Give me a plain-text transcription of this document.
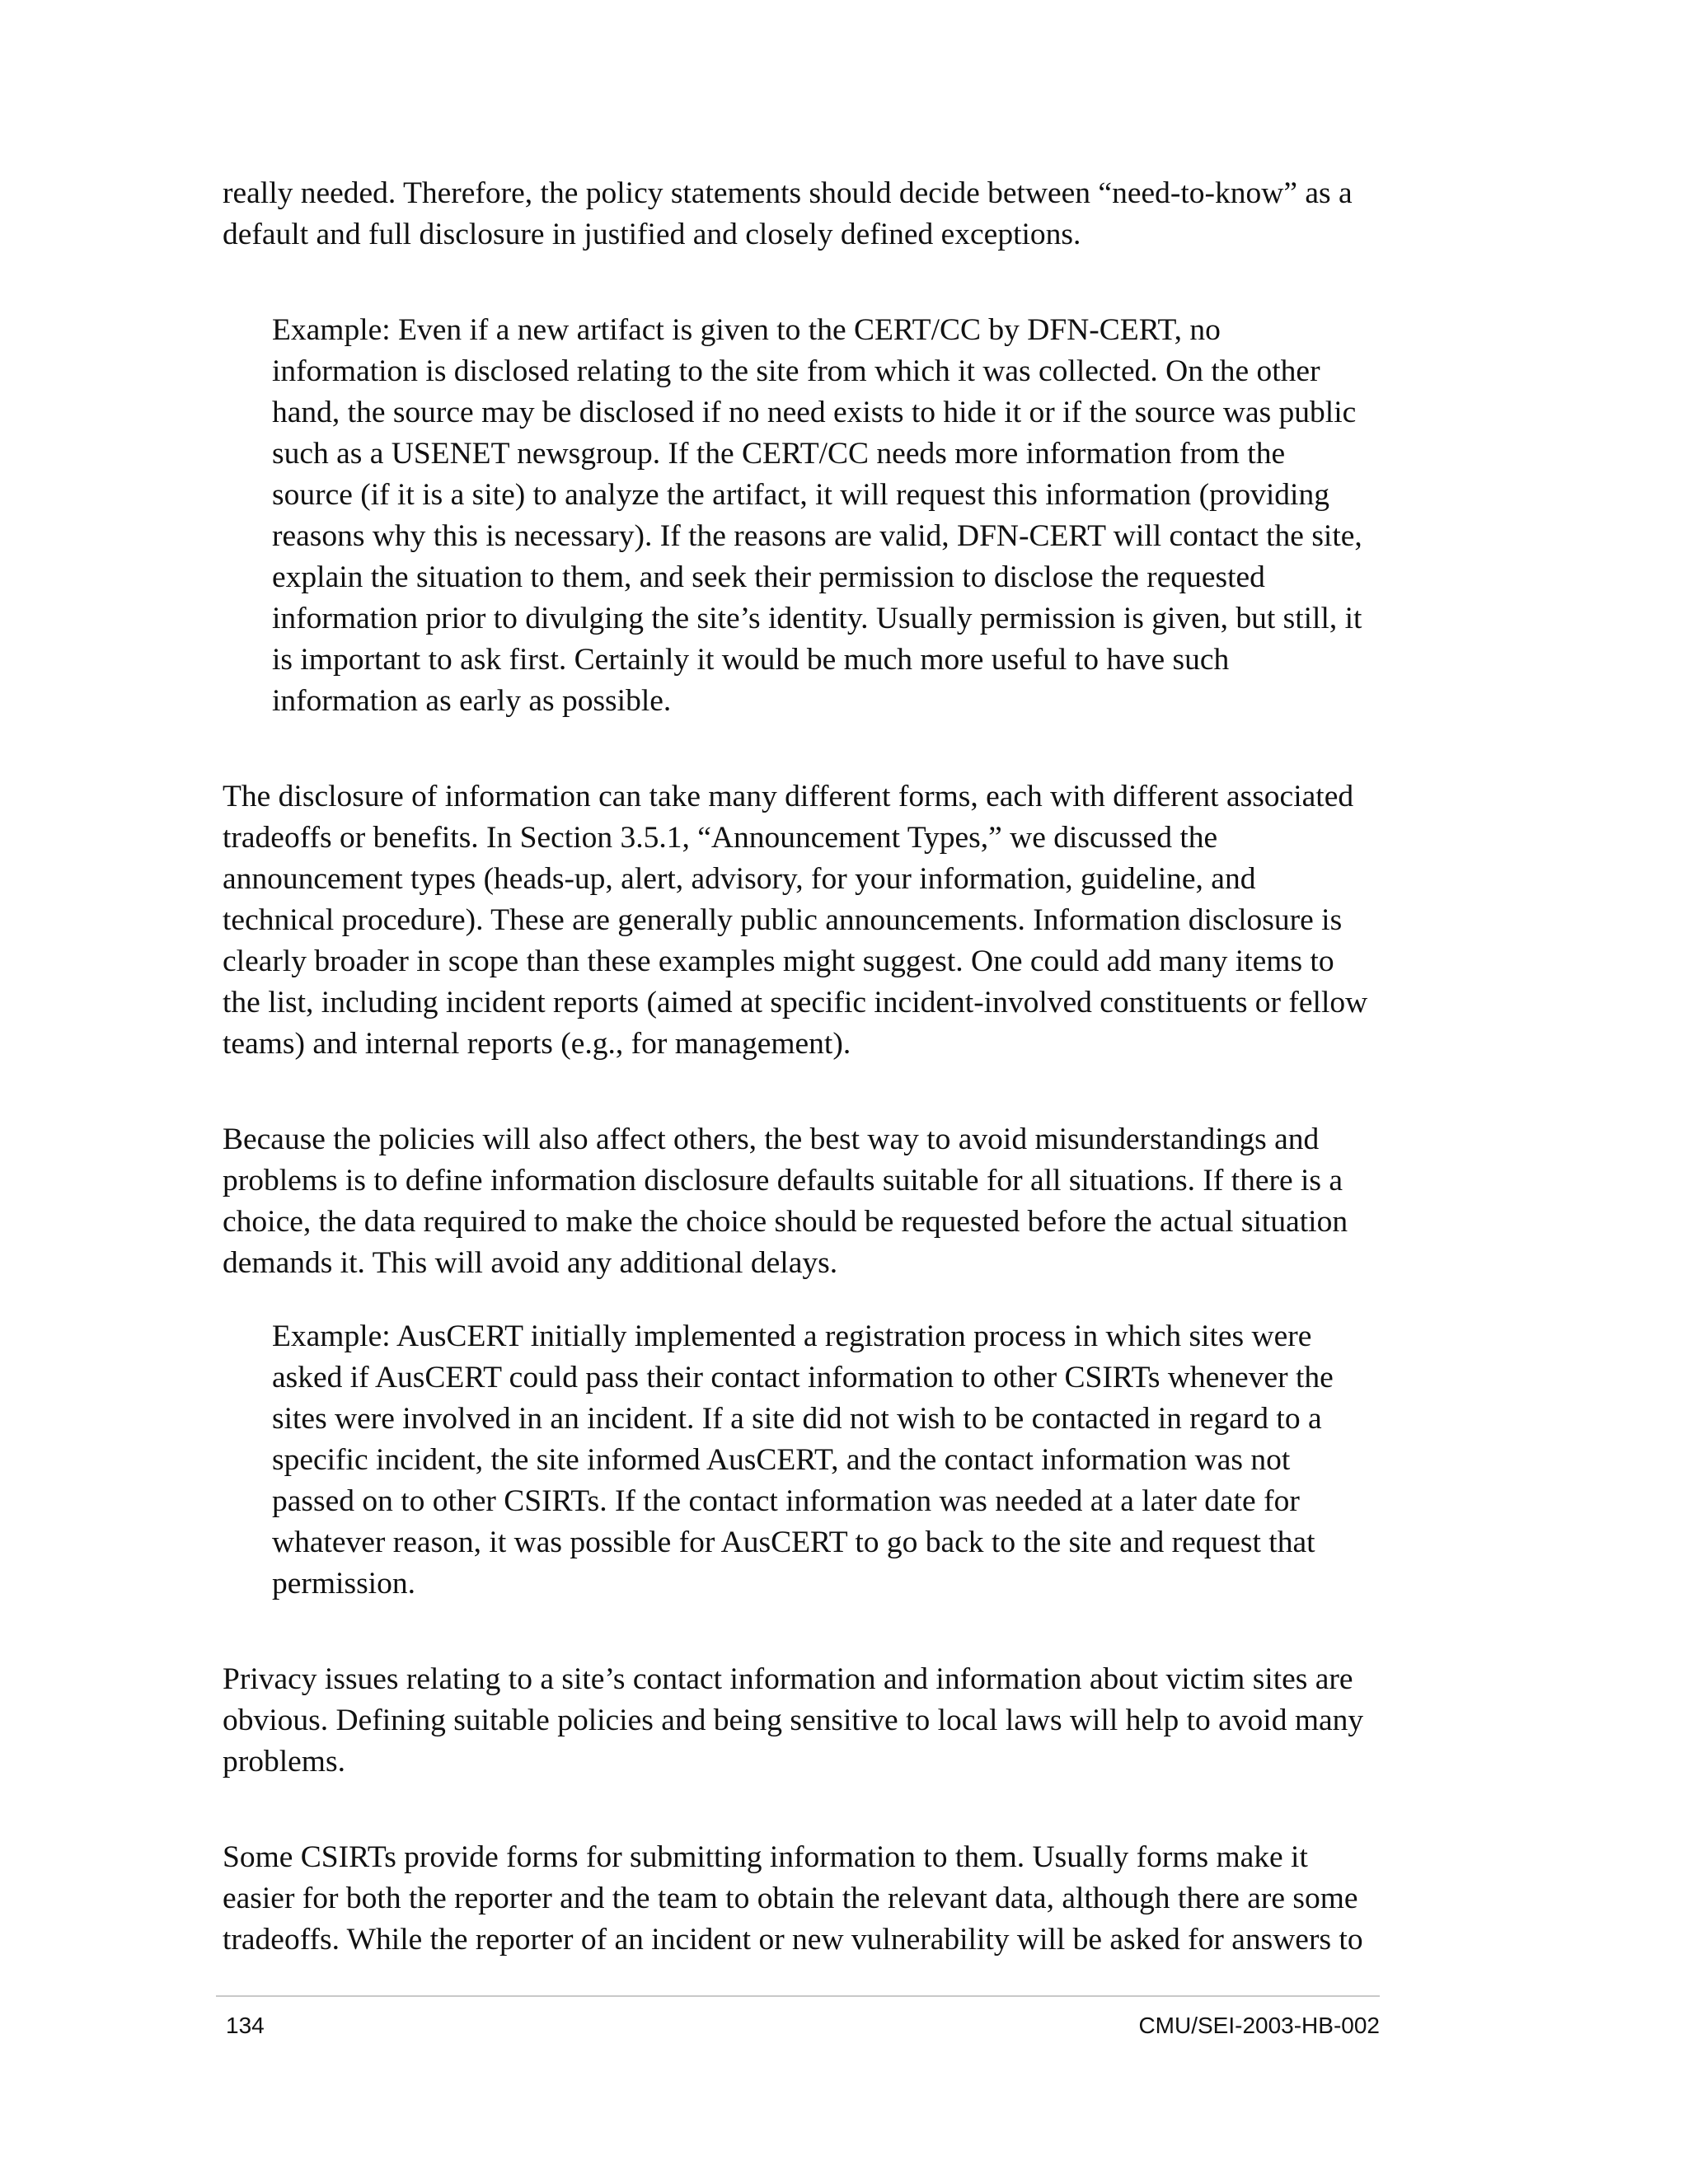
really needed. Therefore, the policy statements should decide between “need-to-know” as a default and full disclosure in justified and closely defined exceptions.

Example: Even if a new artifact is given to the CERT/CC by DFN-CERT, no information is disclosed relating to the site from which it was collected. On the other hand, the source may be disclosed if no need exists to hide it or if the source was public such as a USENET newsgroup. If the CERT/CC needs more information from the source (if it is a site) to analyze the artifact, it will request this information (providing reasons why this is necessary). If the reasons are valid, DFN-CERT will contact the site, explain the situation to them, and seek their permission to disclose the requested information prior to divulging the site’s identity. Usually permission is given, but still, it is important to ask first. Certainly it would be much more useful to have such information as early as possible.

The disclosure of information can take many different forms, each with different associated tradeoffs or benefits. In Section 3.5.1, “Announcement Types,” we discussed the announcement types (heads-up, alert, advisory, for your information, guideline, and technical procedure). These are generally public announcements. Information disclosure is clearly broader in scope than these examples might suggest. One could add many items to the list, including incident reports (aimed at specific incident-involved constituents or fellow teams) and internal reports (e.g., for management).

Because the policies will also affect others, the best way to avoid misunderstandings and problems is to define information disclosure defaults suitable for all situations. If there is a choice, the data required to make the choice should be requested before the actual situation demands it. This will avoid any additional delays.

Example: AusCERT initially implemented a registration process in which sites were asked if AusCERT could pass their contact information to other CSIRTs whenever the sites were involved in an incident. If a site did not wish to be contacted in regard to a specific incident, the site informed AusCERT, and the contact information was not passed on to other CSIRTs. If the contact information was needed at a later date for whatever reason, it was possible for AusCERT to go back to the site and request that permission.

Privacy issues relating to a site’s contact information and information about victim sites are obvious. Defining suitable policies and being sensitive to local laws will help to avoid many problems.

Some CSIRTs provide forms for submitting information to them. Usually forms make it easier for both the reporter and the team to obtain the relevant data, although there are some tradeoffs. While the reporter of an incident or new vulnerability will be asked for answers to

134	CMU/SEI-2003-HB-002
